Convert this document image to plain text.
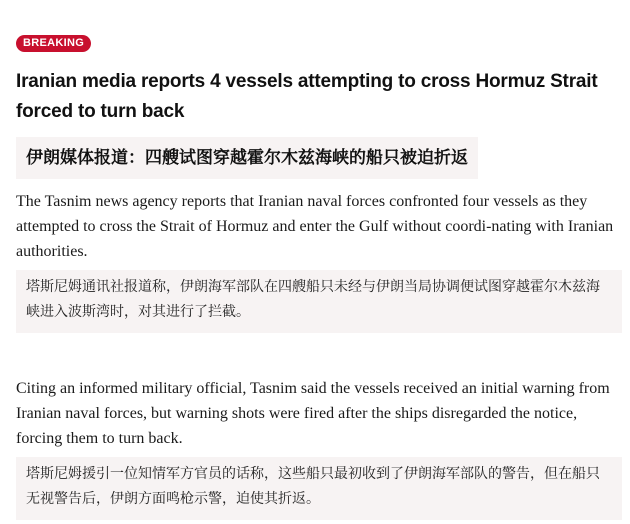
BREAKING
Iranian media reports 4 vessels attempting to cross Hormuz Strait forced to turn back
伊朗媒体报道：四艘试图穿越霍尔木兹海峡的船只被迫折返

The Tasnim news agency reports that Iranian naval forces confronted four vessels as they attempted to cross the Strait of Hormuz and enter the Gulf without coordi-nating with Iranian authorities.

塔斯尼姆通讯社报道称，伊朗海军部队在四艘船只未经与伊朗当局协调便试图穿越霍尔木兹海峡进入波斯湾时，对其进行了拦截。

Citing an informed military official, Tasnim said the vessels received an initial warning from Iranian naval forces, but warning shots were fired after the ships disregarded the notice, forcing them to turn back.

塔斯尼姆援引一位知情军方官员的话称，这些船只最初收到了伊朗海军部队的警告，但在船只无视警告后，伊朗方面鸣枪示警，迫使其折返。
